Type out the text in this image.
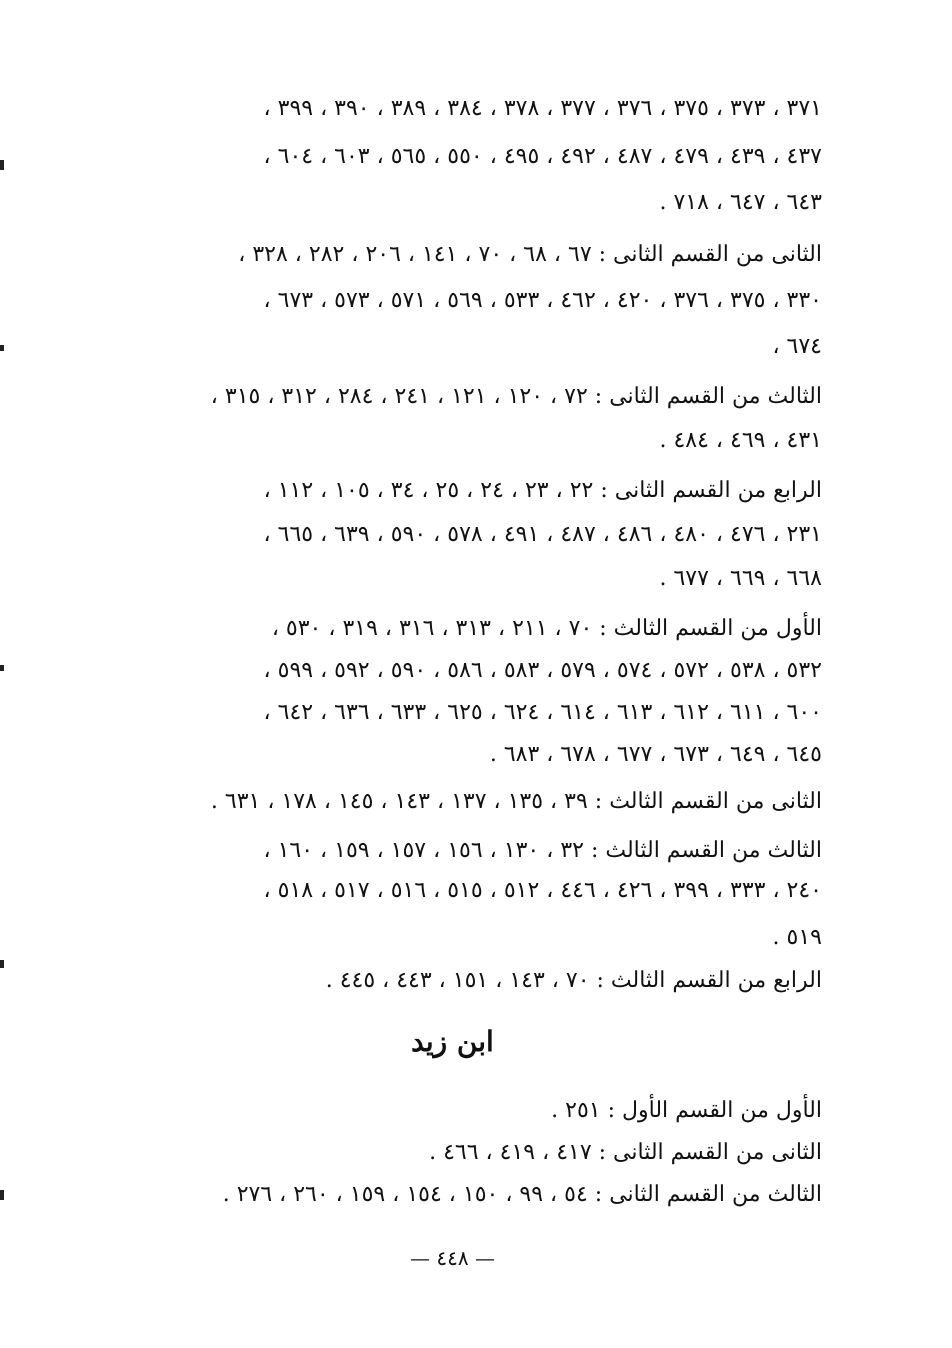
٣٧١ ، ٣٧٣ ، ٣٧٥ ، ٣٧٦ ، ٣٧٧ ، ٣٧٨ ، ٣٨٤ ، ٣٨٩ ، ٣٩٠ ، ٣٩٩ ،
٤٣٧ ، ٤٣٩ ، ٤٧٩ ، ٤٨٧ ، ٤٩٢ ، ٤٩٥ ، ٥٥٠ ، ٥٦٥ ، ٦٠٣ ، ٦٠٤ ،
٦٤٣ ، ٦٤٧ ، ٧١٨ .
الثانى من القسم الثانى : ٦٧ ، ٦٨ ، ٧٠ ، ١٤١ ، ٢٠٦ ، ٢٨٢ ، ٣٢٨ ،
٣٣٠ ، ٣٧٥ ، ٣٧٦ ، ٤٢٠ ، ٤٦٢ ، ٥٣٣ ، ٥٦٩ ، ٥٧١ ، ٥٧٣ ، ٦٧٣ ،
٦٧٤ ،
الثالث من القسم الثانى : ٧٢ ، ١٢٠ ، ١٢١ ، ٢٤١ ، ٢٨٤ ، ٣١٢ ، ٣١٥ ،
٤٣١ ، ٤٦٩ ، ٤٨٤ .
الرابع من القسم الثانى : ٢٢ ، ٢٣ ، ٢٤ ، ٢٥ ، ٣٤ ، ١٠٥ ، ١١٢ ،
٢٣١ ، ٤٧٦ ، ٤٨٠ ، ٤٨٦ ، ٤٨٧ ، ٤٩١ ، ٥٧٨ ، ٥٩٠ ، ٦٣٩ ، ٦٦٥ ،
٦٦٨ ، ٦٦٩ ، ٦٧٧ .
الأول من القسم الثالث : ٧٠ ، ٢١١ ، ٣١٣ ، ٣١٦ ، ٣١٩ ، ٥٣٠ ،
٥٣٢ ، ٥٣٨ ، ٥٧٢ ، ٥٧٤ ، ٥٧٩ ، ٥٨٣ ، ٥٨٦ ، ٥٩٠ ، ٥٩٢ ، ٥٩٩ ،
٦٠٠ ، ٦١١ ، ٦١٢ ، ٦١٣ ، ٦١٤ ، ٦٢٤ ، ٦٢٥ ، ٦٣٣ ، ٦٣٦ ، ٦٤٢ ،
٦٤٥ ، ٦٤٩ ، ٦٧٣ ، ٦٧٧ ، ٦٧٨ ، ٦٨٣ .
الثانى من القسم الثالث : ٣٩ ، ١٣٥ ، ١٣٧ ، ١٤٣ ، ١٤٥ ، ١٧٨ ، ٦٣١ .
الثالث من القسم الثالث : ٣٢ ، ١٣٠ ، ١٥٦ ، ١٥٧ ، ١٥٩ ، ١٦٠ ،
٢٤٠ ، ٣٣٣ ، ٣٩٩ ، ٤٢٦ ، ٤٤٦ ، ٥١٢ ، ٥١٥ ، ٥١٦ ، ٥١٧ ، ٥١٨ ،
٥١٩ .
الرابع من القسم الثالث : ٧٠ ، ١٤٣ ، ١٥١ ، ٤٤٣ ، ٤٤٥ .
ابن زيد
الأول من القسم الأول : ٢٥١ .
الثانى من القسم الثانى : ٤١٧ ، ٤١٩ ، ٤٦٦ .
الثالث من القسم الثانى : ٥٤ ، ٩٩ ، ١٥٠ ، ١٥٤ ، ١٥٩ ، ٢٦٠ ، ٢٧٦ .
— ٤٤٨ —
